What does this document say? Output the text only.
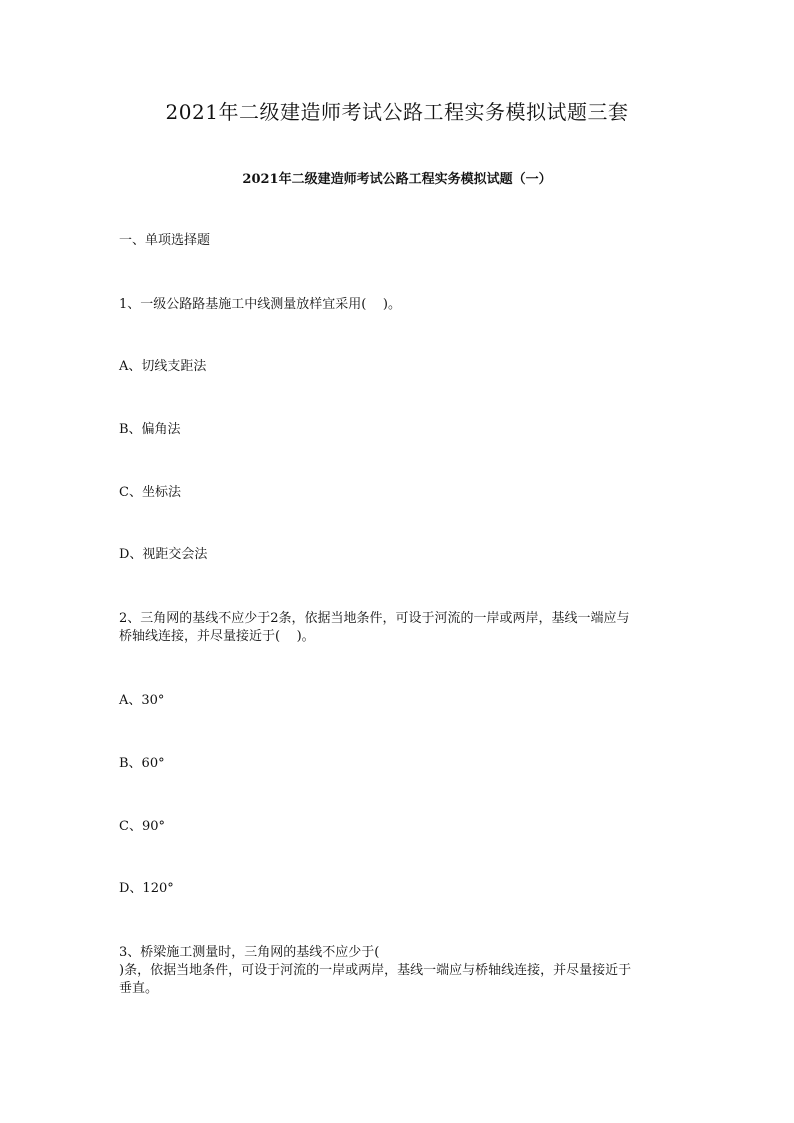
2021年二级建造师考试公路工程实务模拟试题三套
2021年二级建造师考试公路工程实务模拟试题（一）
一、单项选择题
1、一级公路路基施工中线测量放样宜采用(    )。
A、切线支距法
B、偏角法
C、坐标法
D、视距交会法
2、三角网的基线不应少于2条，依据当地条件，可设于河流的一岸或两岸，基线一端应与
桥轴线连接，并尽量接近于(    )。
A、30°
B、60°
C、90°
D、120°
3、桥梁施工测量时，三角网的基线不应少于(
)条，依据当地条件，可设于河流的一岸或两岸，基线一端应与桥轴线连接，并尽量接近于
垂直。
